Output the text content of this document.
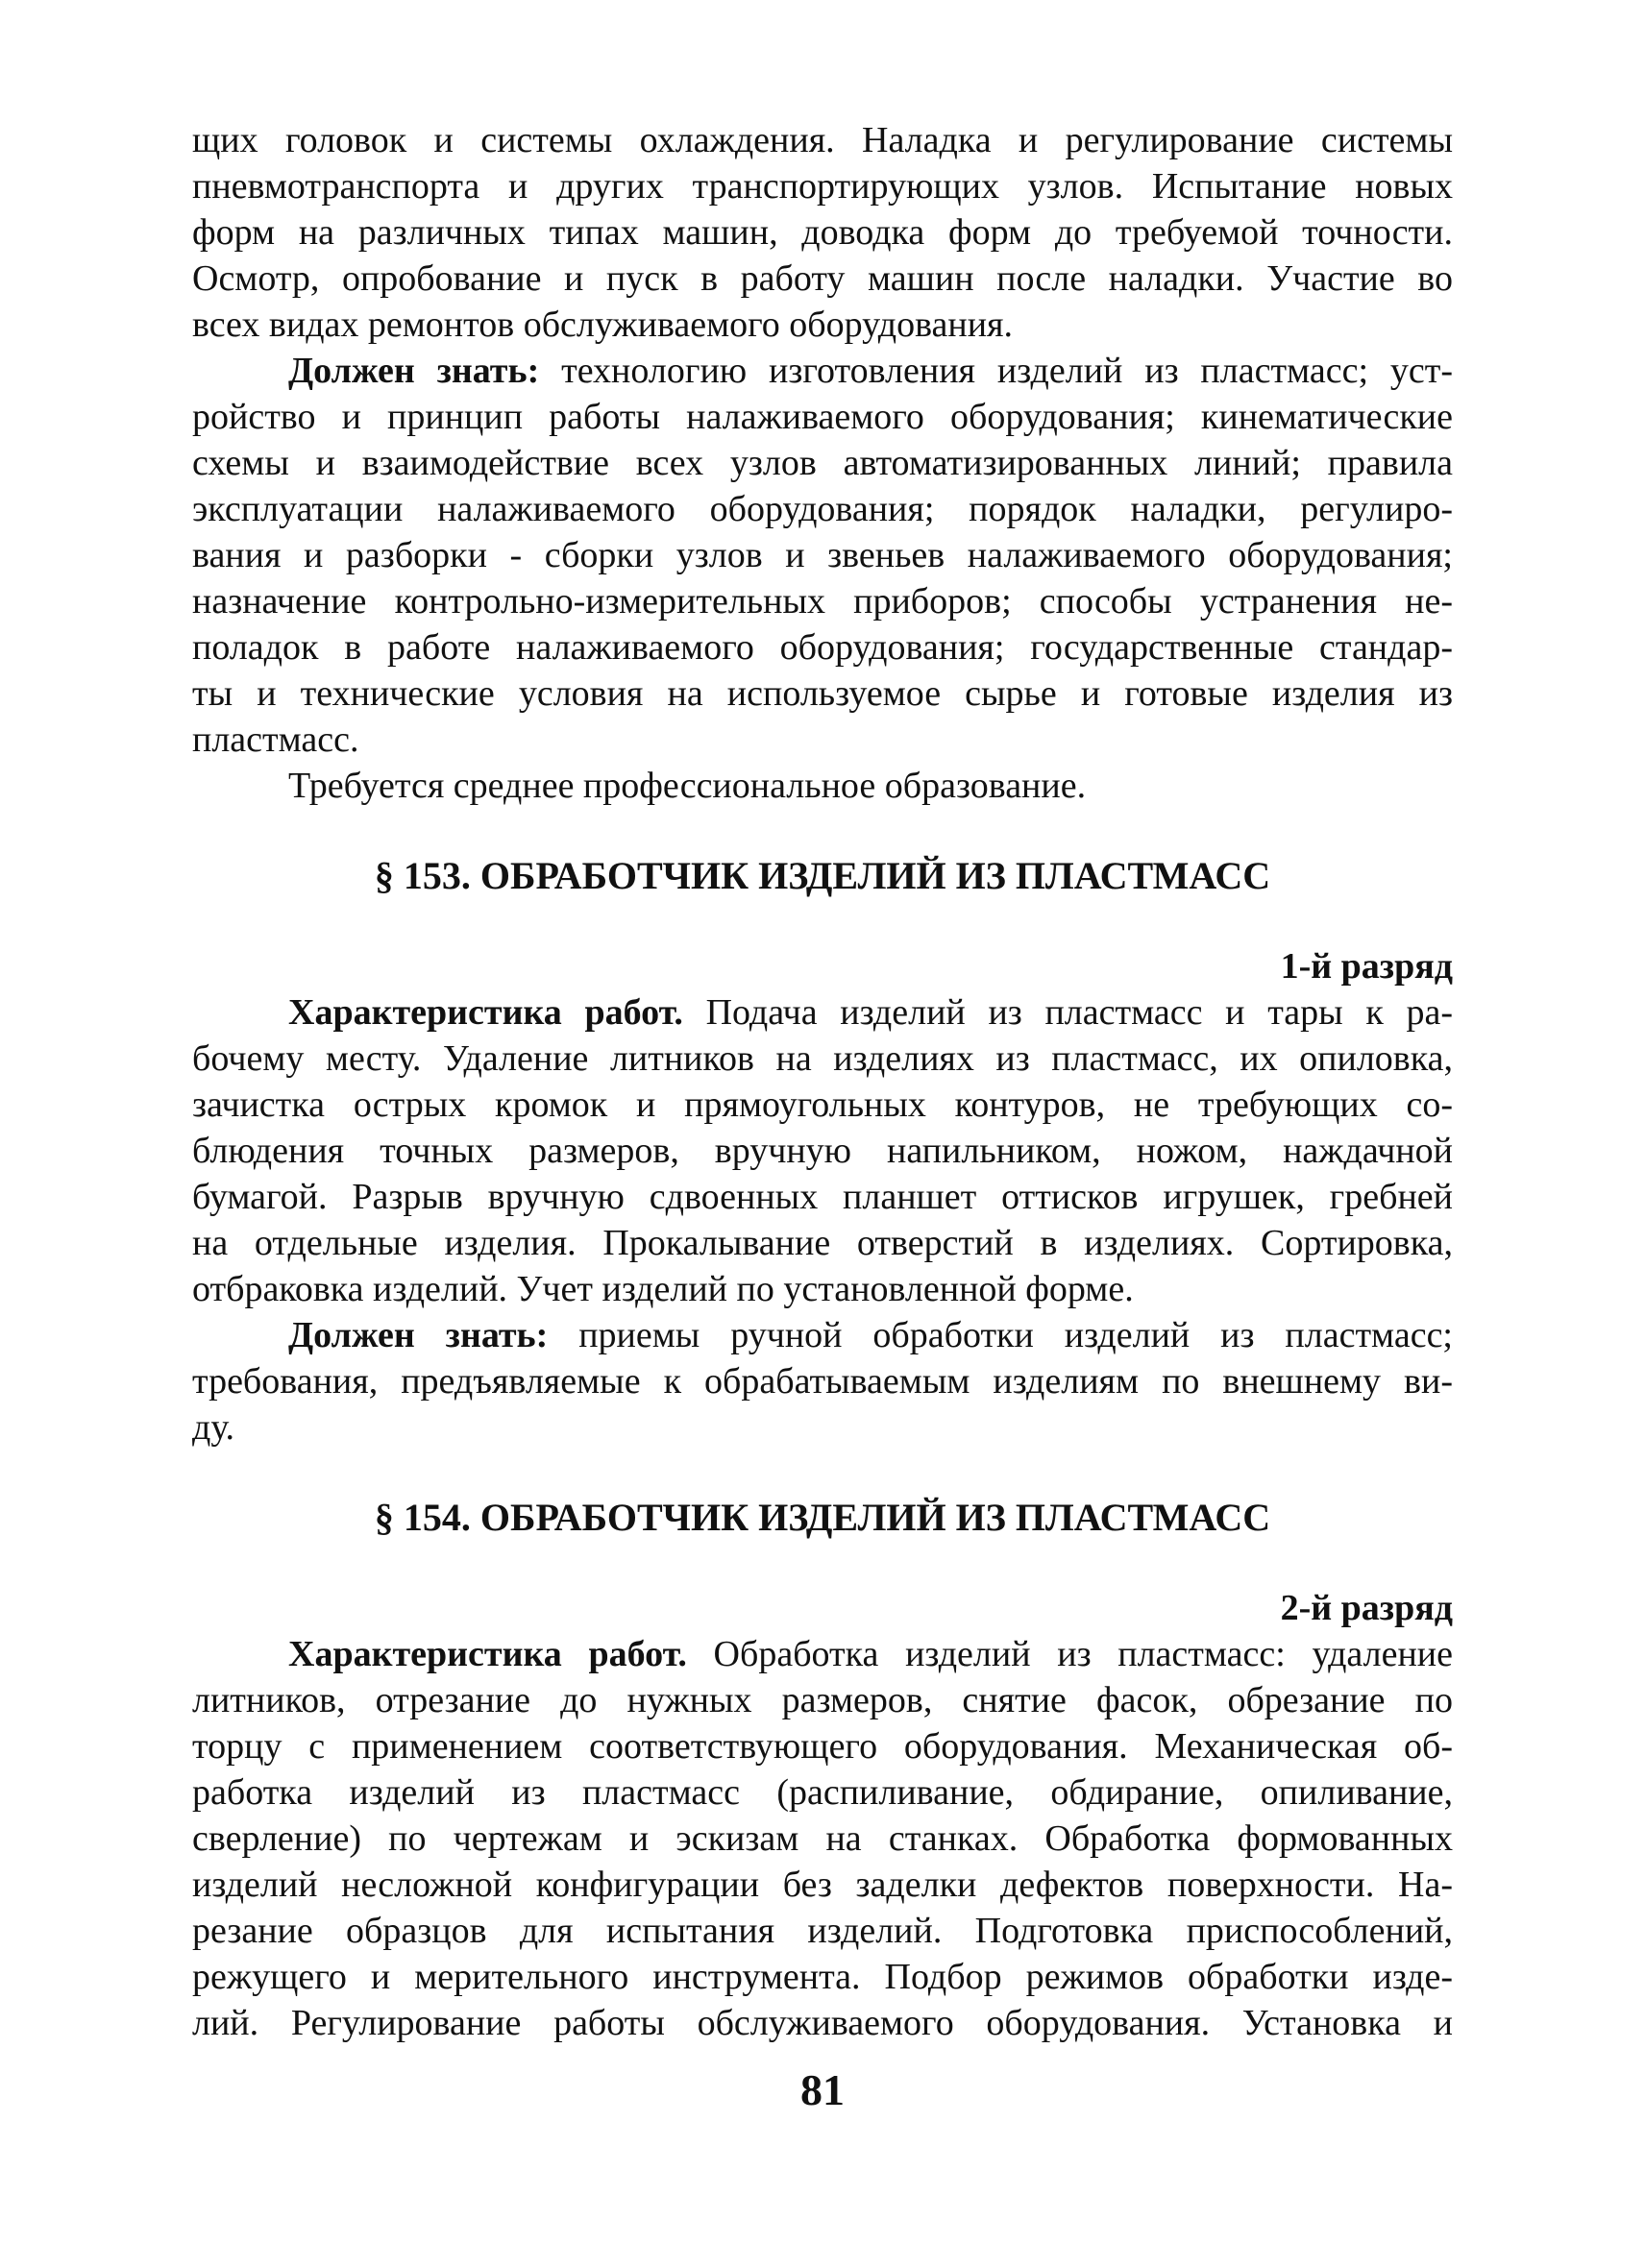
щих головок и системы охлаждения. Наладка и регулирование системы
пневмотранспорта и других транспортирующих узлов. Испытание новых
форм на различных типах машин, доводка форм до требуемой точности.
Осмотр, опробование и пуск в работу машин после наладки. Участие во
всех видах ремонтов обслуживаемого оборудования.
Должен знать: технологию изготовления изделий из пластмасс; уст-
ройство и принцип работы налаживаемого оборудования; кинематические
схемы и взаимодействие всех узлов автоматизированных линий; правила
эксплуатации налаживаемого оборудования; порядок наладки, регулиро-
вания и разборки - сборки узлов и звеньев налаживаемого оборудования;
назначение контрольно-измерительных приборов; способы устранения не-
поладок в работе налаживаемого оборудования; государственные стандар-
ты и технические условия на используемое сырье и готовые изделия из
пластмасс.
Требуется среднее профессиональное образование.
§ 153. ОБРАБОТЧИК ИЗДЕЛИЙ ИЗ ПЛАСТМАСС
1-й разряд
Характеристика работ. Подача изделий из пластмасс и тары к ра-
бочему месту. Удаление литников на изделиях из пластмасс, их опиловка,
зачистка острых кромок и прямоугольных контуров, не требующих со-
блюдения точных размеров, вручную напильником, ножом, наждачной
бумагой. Разрыв вручную сдвоенных планшет оттисков игрушек, гребней
на отдельные изделия. Прокалывание отверстий в изделиях. Сортировка,
отбраковка изделий. Учет изделий по установленной форме.
Должен знать: приемы ручной обработки изделий из пластмасс;
требования, предъявляемые к обрабатываемым изделиям по внешнему ви-
ду.
§ 154. ОБРАБОТЧИК ИЗДЕЛИЙ ИЗ ПЛАСТМАСС
2-й разряд
Характеристика работ. Обработка изделий из пластмасс: удаление
литников, отрезание до нужных размеров, снятие фасок, обрезание по
торцу с применением соответствующего оборудования. Механическая об-
работка изделий из пластмасс (распиливание, обдирание, опиливание,
сверление) по чертежам и эскизам на станках. Обработка формованных
изделий несложной конфигурации без заделки дефектов поверхности. На-
резание образцов для испытания изделий. Подготовка приспособлений,
режущего и мерительного инструмента. Подбор режимов обработки изде-
лий. Регулирование работы обслуживаемого оборудования. Установка и
81
